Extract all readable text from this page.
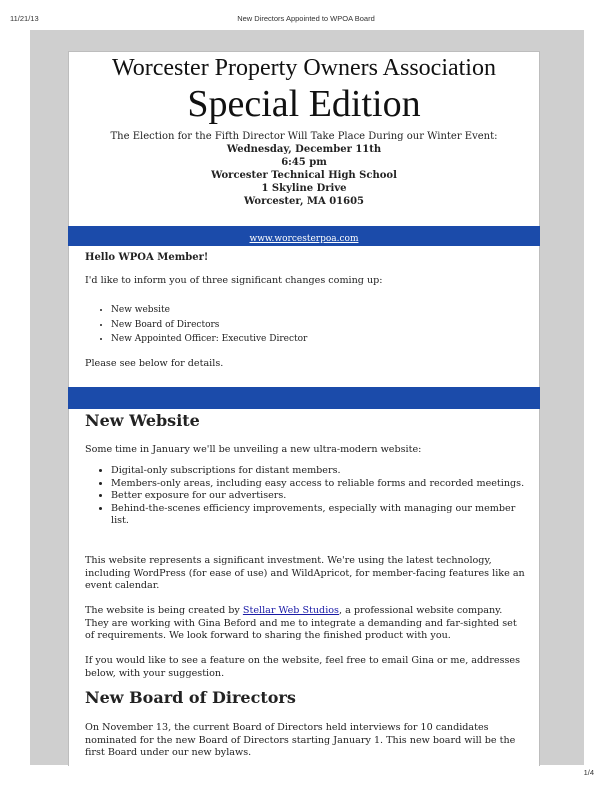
11/21/13	New Directors Appointed to WPOA Board
Worcester Property Owners Association
Special Edition
The Election for the Fifth Director Will Take Place During our Winter Event:
Wednesday, December 11th
6:45 pm
Worcester Technical High School
1 Skyline Drive
Worcester, MA 01605
www.worcesterpoa.com
Hello WPOA Member!
I'd like to inform you of three significant changes coming up:
• New website
• New Board of Directors
• New Appointed Officer: Executive Director
Please see below for details.
New Website
Some time in January we'll be unveiling a new ultra-modern website:
• Digital-only subscriptions for distant members.
• Members-only areas, including easy access to reliable forms and recorded meetings.
• Better exposure for our advertisers.
• Behind-the-scenes efficiency improvements, especially with managing our member list.
This website represents a significant investment. We're using the latest technology, including WordPress (for ease of use) and WildApricot, for member-facing features like an event calendar.
The website is being created by Stellar Web Studios, a professional website company. They are working with Gina Beford and me to integrate a demanding and far-sighted set of requirements. We look forward to sharing the finished product with you.
If you would like to see a feature on the website, feel free to email Gina or me, addresses below, with your suggestion.
New Board of Directors
On November 13, the current Board of Directors held interviews for 10 candidates nominated for the new Board of Directors starting January 1. This new board will be the first Board under our new bylaws.
1/4
